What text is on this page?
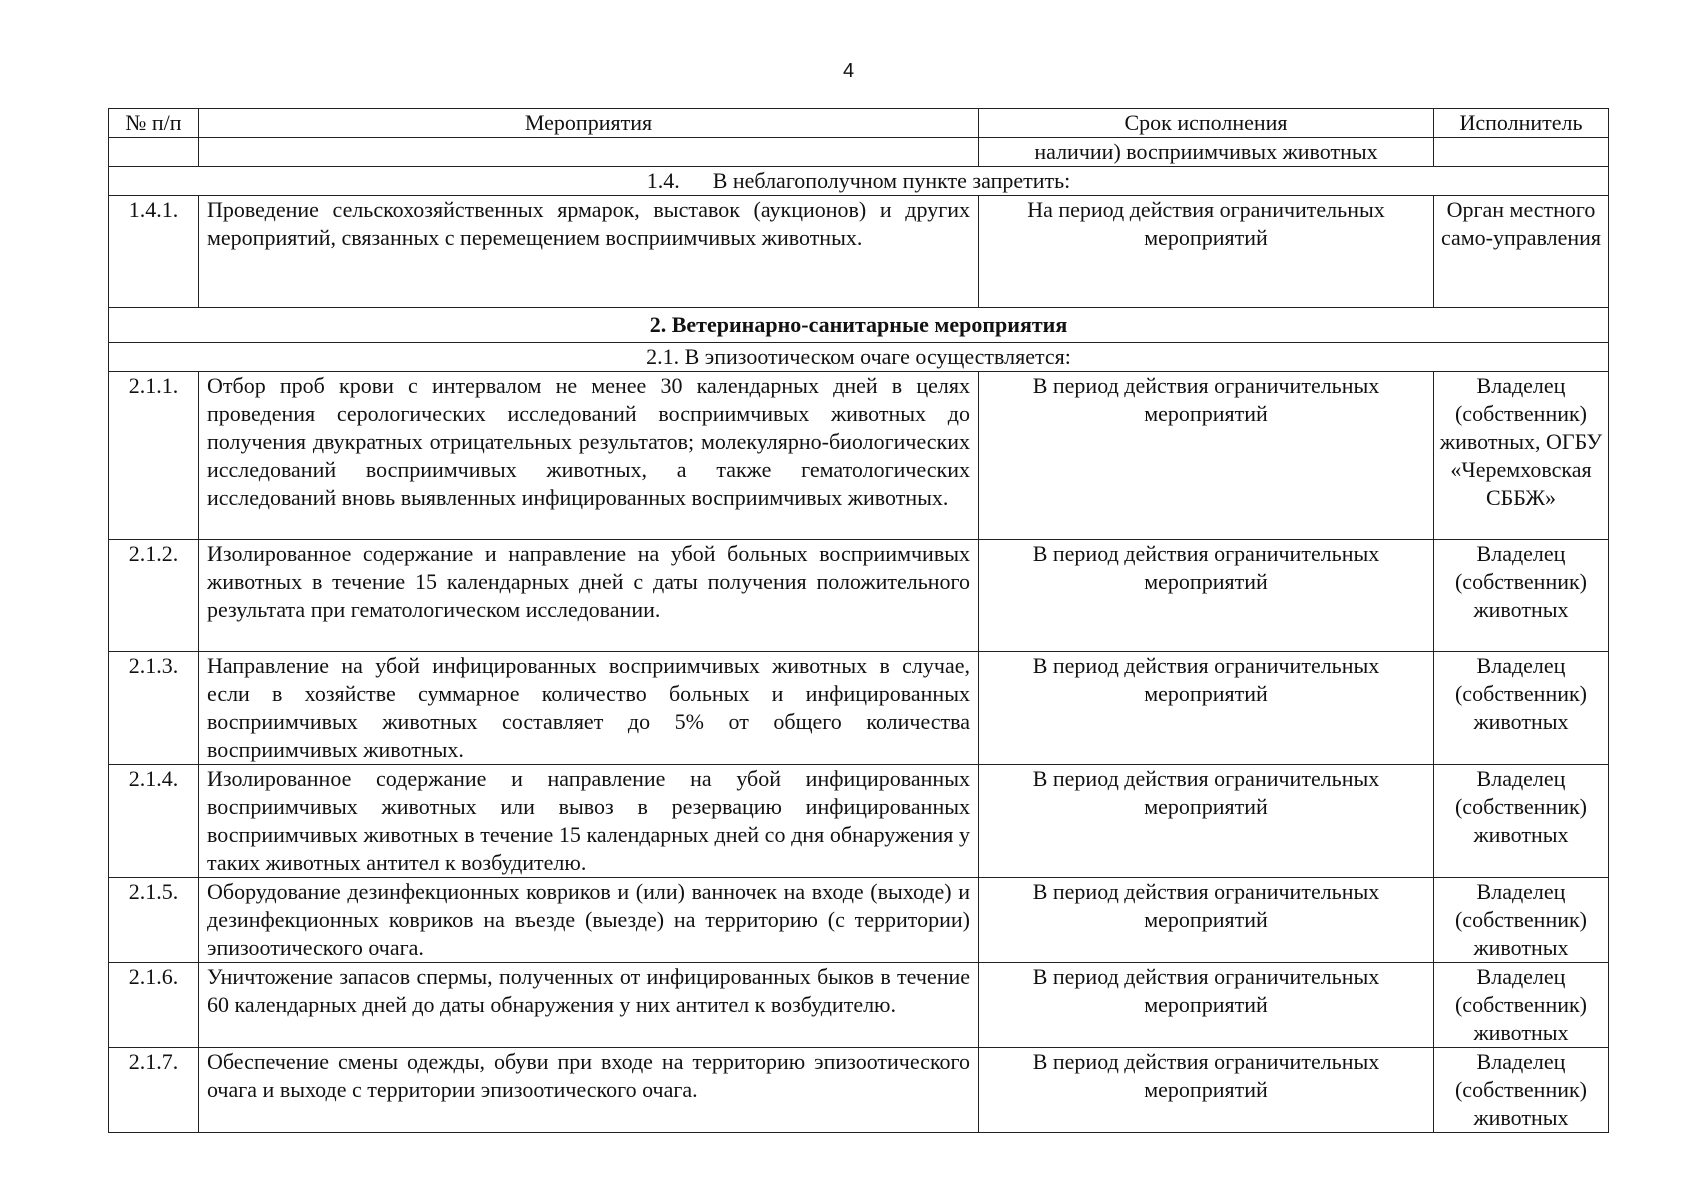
4
№ п/п	Мероприятия	Срок исполнения	Исполнитель
		наличии) восприимчивых животных	
1.4.      В неблагополучном пункте запретить:			
1.4.1.	Проведение сельскохозяйственных ярмарок, выставок (аукционов) и других мероприятий, связанных с перемещением восприимчивых животных.	На период действия ограничительных мероприятий	Орган местного само-управления
2. Ветеринарно-санитарные мероприятия			
2.1. В эпизоотическом очаге осуществляется:			
2.1.1.	Отбор проб крови с интервалом не менее 30 календарных дней в целях проведения серологических исследований восприимчивых животных до получения двукратных отрицательных результатов; молекулярно-биологических исследований восприимчивых животных, а также гематологических исследований вновь выявленных инфицированных восприимчивых животных.	В период действия ограничительных мероприятий	Владелец (собственник) животных, ОГБУ «Черемховская СББЖ»
2.1.2.	Изолированное содержание и направление на убой больных восприимчивых животных в течение 15 календарных дней с даты получения положительного результата при гематологическом исследовании.	В период действия ограничительных мероприятий	Владелец (собственник) животных
2.1.3.	Направление на убой инфицированных восприимчивых животных в случае, если в хозяйстве суммарное количество больных и инфицированных восприимчивых животных составляет до 5% от общего количества восприимчивых животных.	В период действия ограничительных мероприятий	Владелец (собственник) животных
2.1.4.	Изолированное содержание и направление на убой инфицированных восприимчивых животных или вывоз в резервацию инфицированных восприимчивых животных в течение 15 календарных дней со дня обнаружения у таких животных антител к возбудителю.	В период действия ограничительных мероприятий	Владелец (собственник) животных
2.1.5.	Оборудование дезинфекционных ковриков и (или) ванночек на входе (выходе) и дезинфекционных ковриков на въезде (выезде) на территорию (с территории) эпизоотического очага.	В период действия ограничительных мероприятий	Владелец (собственник) животных
2.1.6.	Уничтожение запасов спермы, полученных от инфицированных быков в течение 60 календарных дней до даты обнаружения у них антител к возбудителю.	В период действия ограничительных мероприятий	Владелец (собственник) животных
2.1.7.	Обеспечение смены одежды, обуви при входе на территорию эпизоотического очага и выходе с территории эпизоотического очага.	В период действия ограничительных мероприятий	Владелец (собственник) животных
